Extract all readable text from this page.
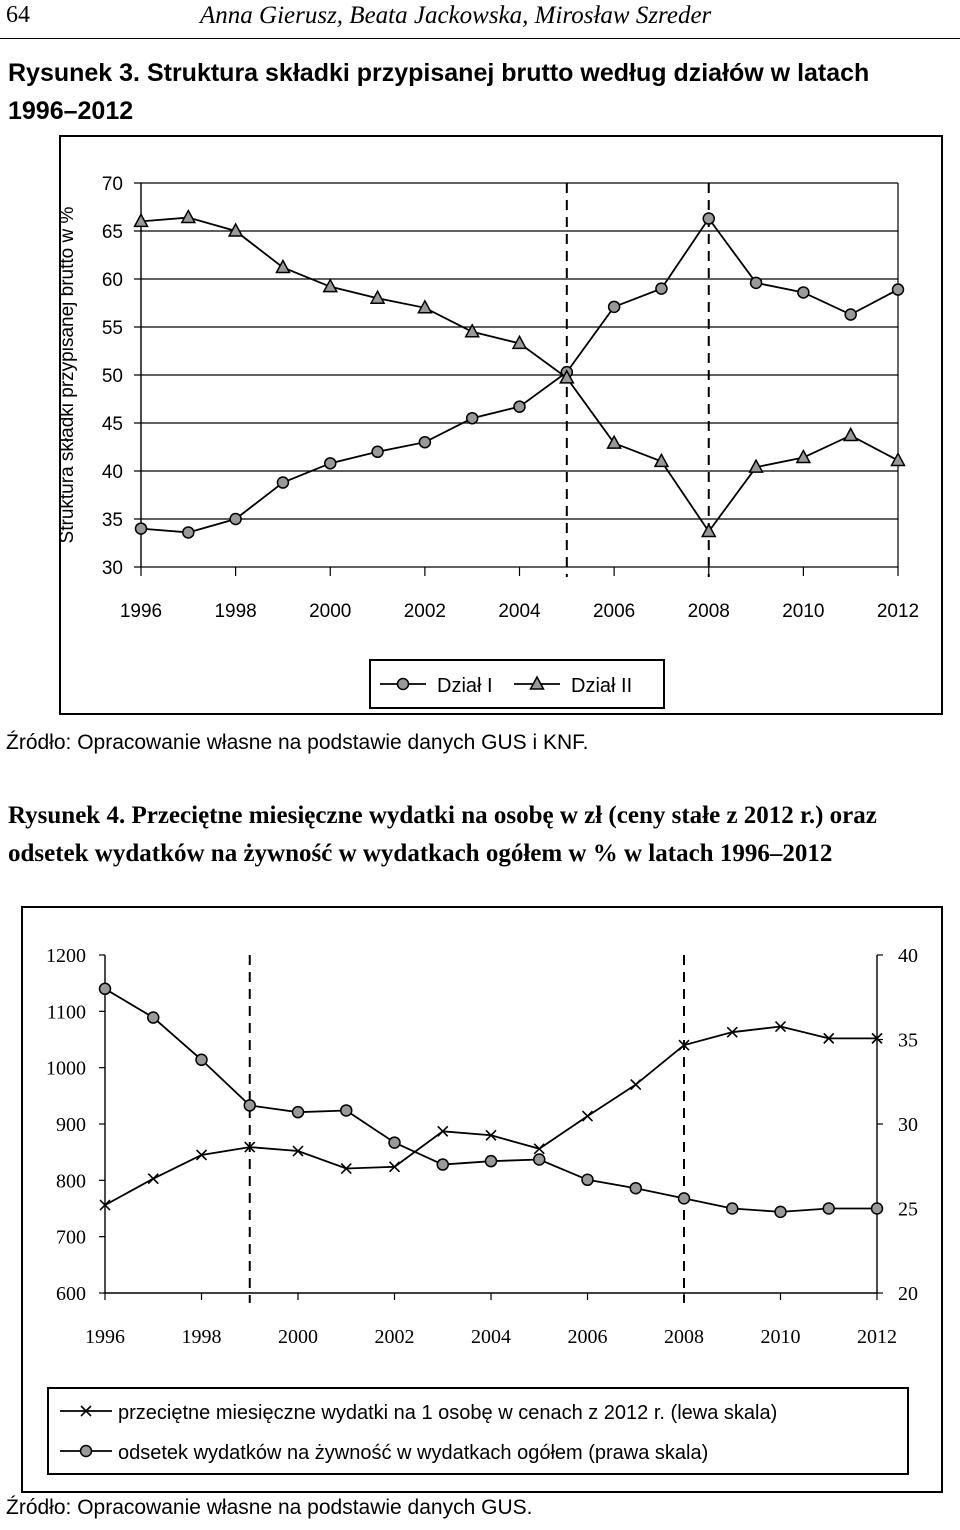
64	Anna Gierusz, Beata Jackowska, Mirosław Szreder
Rysunek 3. Struktura składki przypisanej brutto według działów w latach 1996–2012
30
35
40
45
50
55
60
65
70
1996	1998	2000	2002	2004	2006	2008	2010	2012
Struktura składki przypisanej brutto w %
Dział I	Dział II
Źródło: Opracowanie własne na podstawie danych GUS i KNF.
Rysunek 4. Przeciętne miesięczne wydatki na osobę w zł (ceny stałe z 2012 r.) oraz odsetek wydatków na żywność w wydatkach ogółem w % w latach 1996–2012
600
700
800
900
1000
1100
1200
20
25
30
35
40
1996	1998	2000	2002	2004	2006	2008	2010	2012
przeciętne miesięczne wydatki na 1 osobę w cenach z 2012 r. (lewa skala)
odsetek wydatków na żywność w wydatkach ogółem (prawa skala)
Źródło: Opracowanie własne na podstawie danych GUS.
